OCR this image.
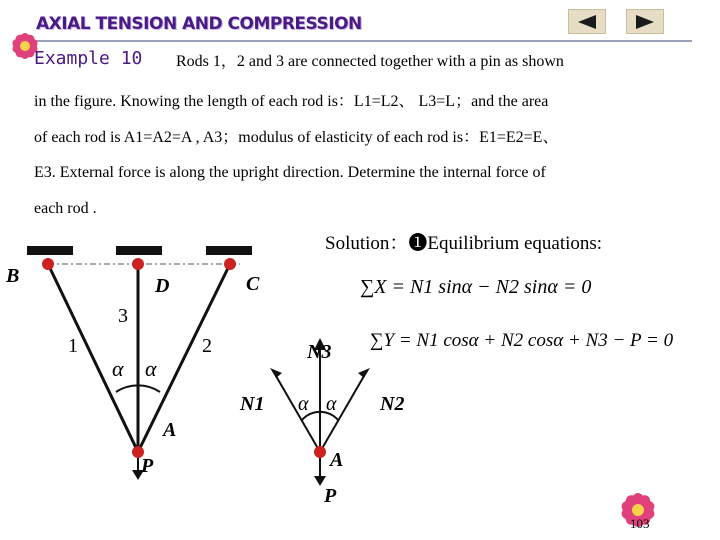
AXIAL TENSION AND COMPRESSION
Example 10 Rods 1，2 and 3 are connected together with a pin as shown
in the figure. Knowing the length of each rod is：L1=L2、 L3=L；and the area
of each rod is A1=A2=A , A3；modulus of elasticity of each rod is：E1=E2=E、
E3. External force is along the upright direction. Determine the internal force of
each rod .
Solution：❶Equilibrium equations:
∑X = N1 sinα − N2 sinα = 0
∑Y = N1 cosα + N2 cosα + N3 − P = 0
B	D	C
3
1	2
α α
A
P
N3
N1	N2
α α
A
P
103
